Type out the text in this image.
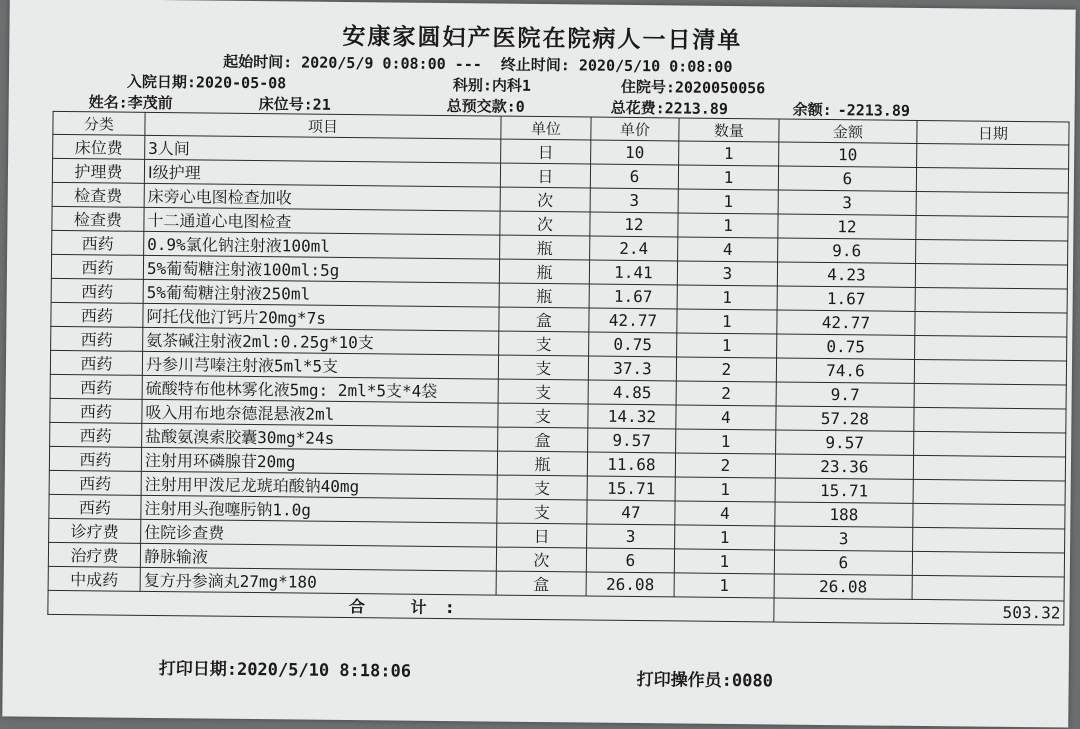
安康家圆妇产医院在院病人一日清单
起始时间: 2020/5/9 0:08:00 --- 终止时间: 2020/5/10 0:08:00
入院日期:2020-05-08	科别:内科1	住院号:2020050056
姓名:李茂前	床位号:21	总预交款:0	总花费:2213.89	余额: -2213.89
分类	项目	单位	单价	数量	金额	日期
床位费	3人间	日	10	1	10	
护理费	Ⅰ级护理	日	6	1	6	
检查费	床旁心电图检查加收	次	3	1	3	
检查费	十二通道心电图检查	次	12	1	12	
西药	0.9%氯化钠注射液100ml	瓶	2.4	4	9.6	
西药	5%葡萄糖注射液100ml:5g	瓶	1.41	3	4.23	
西药	5%葡萄糖注射液250ml	瓶	1.67	1	1.67	
西药	阿托伐他汀钙片20mg*7s	盒	42.77	1	42.77	
西药	氨茶碱注射液2ml:0.25g*10支	支	0.75	1	0.75	
西药	丹参川芎嗪注射液5ml*5支	支	37.3	2	74.6	
西药	硫酸特布他林雾化液5mg: 2ml*5支*4袋	支	4.85	2	9.7	
西药	吸入用布地奈德混悬液2ml	支	14.32	4	57.28	
西药	盐酸氨溴索胶囊30mg*24s	盒	9.57	1	9.57	
西药	注射用环磷腺苷20mg	瓶	11.68	2	23.36	
西药	注射用甲泼尼龙琥珀酸钠40mg	支	15.71	1	15.71	
西药	注射用头孢噻肟钠1.0g	支	47	4	188	
诊疗费	住院诊查费	日	3	1	3	
治疗费	静脉输液	次	6	1	6	
中成药	复方丹参滴丸27mg*180	盒	26.08	1	26.08	
合 计:					503.32	
打印日期:2020/5/10 8:18:06	打印操作员:0080
